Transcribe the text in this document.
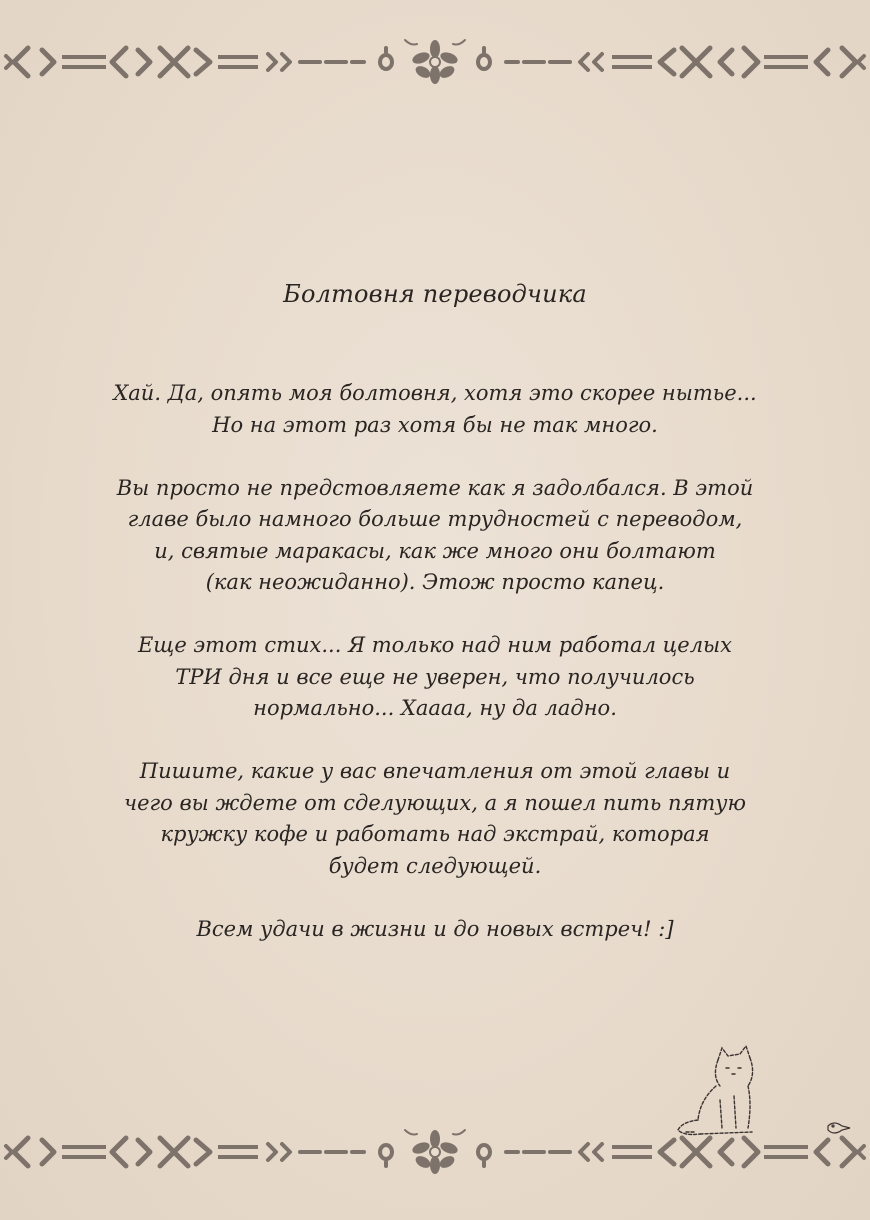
Болтовня переводчика
Хай. Да, опять моя болтовня, хотя это скорее нытье...
Но на этот раз хотя бы не так много.
Вы просто не предстовляете как я задолбался. В этой
главе было намного больше трудностей с переводом,
и, святые маракасы, как же много они болтают
(как неожиданно). Этож просто капец.
Еще этот стих... Я только над ним работал целых
ТРИ дня и все еще не уверен, что получилось
нормально... Хаааа, ну да ладно.
Пишите, какие у вас впечатления от этой главы и
чего вы ждете от сделующих, а я пошел пить пятую
кружку кофе и работать над экстрай, которая
будет следующей.
Всем удачи в жизни и до новых встреч! :]
